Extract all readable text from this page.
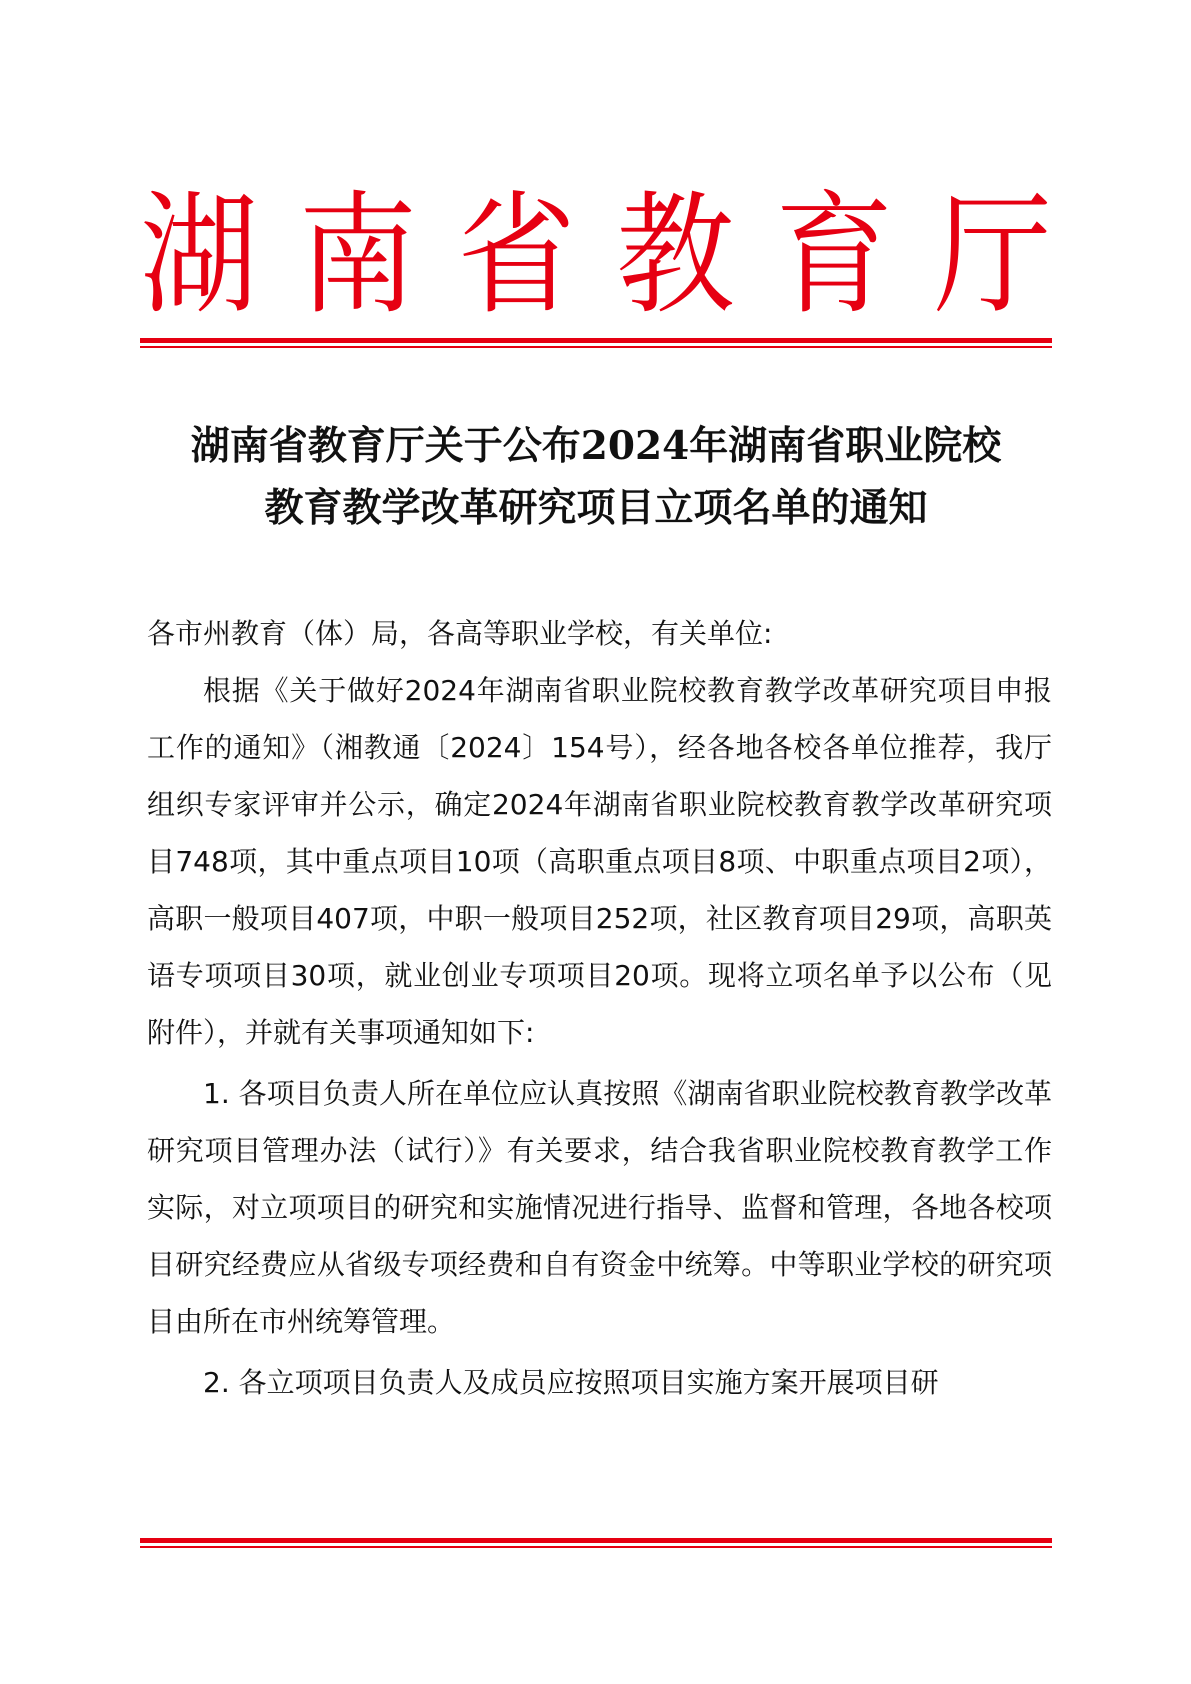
湖 南 省 教 育 厅
湖南省教育厅关于公布2024年湖南省职业院校
教育教学改革研究项目立项名单的通知

各市州教育（体）局，各高等职业学校，有关单位:

根据《关于做好2024年湖南省职业院校教育教学改革研究项目申报工作的通知》（湘教通〔2024〕154号），经各地各校各单位推荐，我厅组织专家评审并公示，确定2024年湖南省职业院校教育教学改革研究项目748项，其中重点项目10项（高职重点项目8项、中职重点项目2项），高职一般项目407项，中职一般项目252项，社区教育项目29项，高职英语专项项目30项，就业创业专项项目20项。现将立项名单予以公布（见附件），并就有关事项通知如下:

1. 各项目负责人所在单位应认真按照《湖南省职业院校教育教学改革研究项目管理办法（试行）》有关要求，结合我省职业院校教育教学工作实际，对立项项目的研究和实施情况进行指导、监督和管理，各地各校项目研究经费应从省级专项经费和自有资金中统筹。中等职业学校的研究项目由所在市州统筹管理。

2. 各立项项目负责人及成员应按照项目实施方案开展项目研
